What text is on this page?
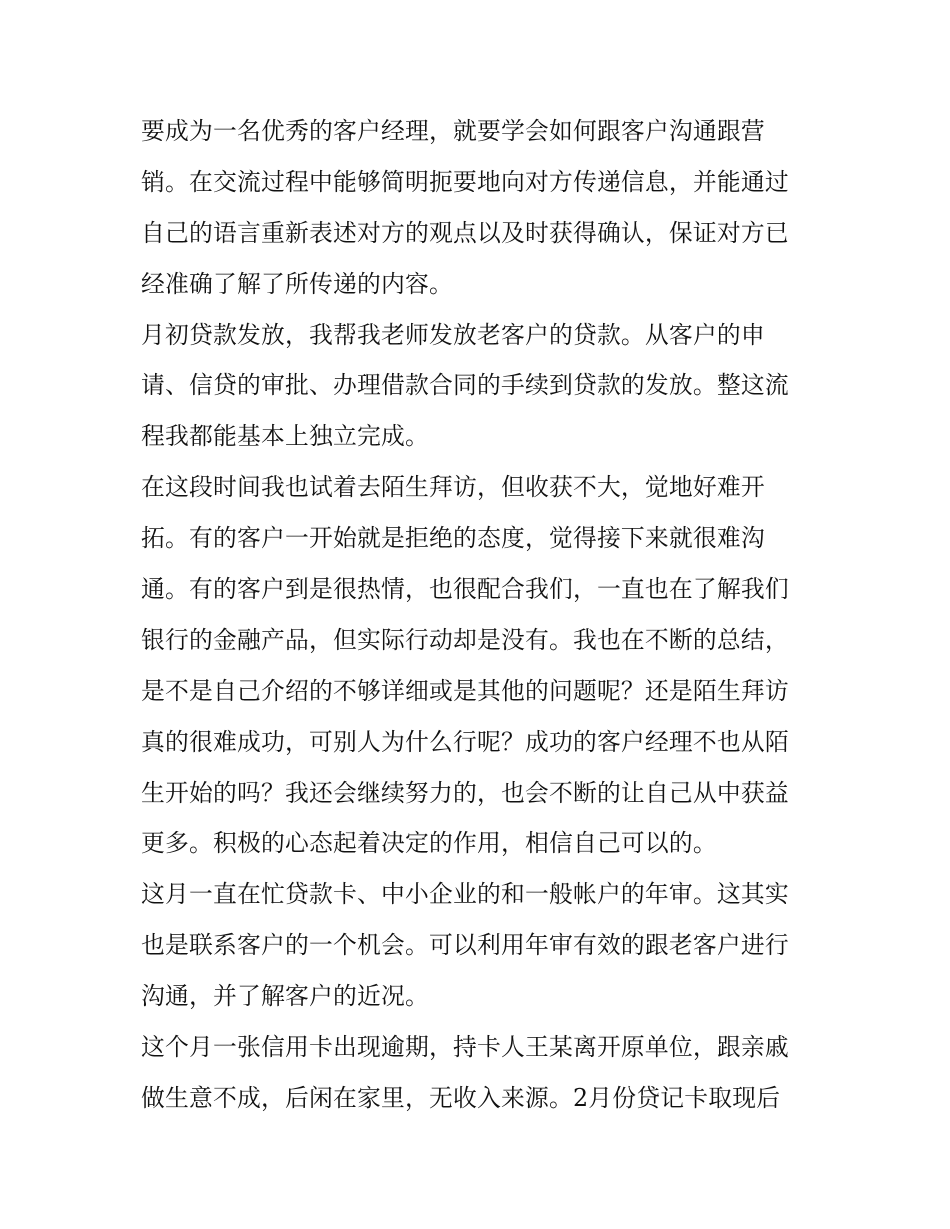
要成为一名优秀的客户经理，就要学会如何跟客户沟通跟营
销。在交流过程中能够简明扼要地向对方传递信息，并能通过
自己的语言重新表述对方的观点以及时获得确认，保证对方已
经准确了解了所传递的内容。
月初贷款发放，我帮我老师发放老客户的贷款。从客户的申
请、信贷的审批、办理借款合同的手续到贷款的发放。整这流
程我都能基本上独立完成。
在这段时间我也试着去陌生拜访，但收获不大，觉地好难开
拓。有的客户一开始就是拒绝的态度，觉得接下来就很难沟
通。有的客户到是很热情，也很配合我们，一直也在了解我们
银行的金融产品，但实际行动却是没有。我也在不断的总结，
是不是自己介绍的不够详细或是其他的问题呢？还是陌生拜访
真的很难成功，可别人为什么行呢？成功的客户经理不也从陌
生开始的吗？我还会继续努力的，也会不断的让自己从中获益
更多。积极的心态起着决定的作用，相信自己可以的。
这月一直在忙贷款卡、中小企业的和一般帐户的年审。这其实
也是联系客户的一个机会。可以利用年审有效的跟老客户进行
沟通，并了解客户的近况。
这个月一张信用卡出现逾期，持卡人王某离开原单位，跟亲戚
做生意不成，后闲在家里，无收入来源。2月份贷记卡取现后
